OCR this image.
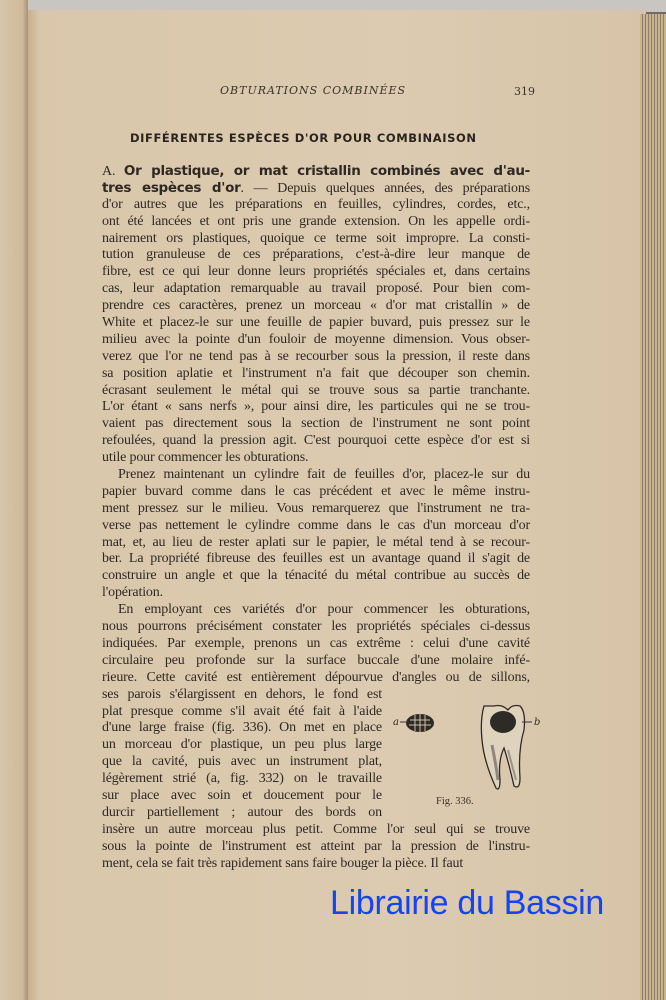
OBTURATIONS COMBINÉES	319
DIFFÉRENTES ESPÈCES D'OR POUR COMBINAISON
A. Or plastique, or mat cristallin combinés avec d'au-
tres espèces d'or. — Depuis quelques années, des préparations
d'or autres que les préparations en feuilles, cylindres, cordes, etc.,
ont été lancées et ont pris une grande extension. On les appelle ordi-
nairement ors plastiques, quoique ce terme soit impropre. La consti-
tution granuleuse de ces préparations, c'est-à-dire leur manque de
fibre, est ce qui leur donne leurs propriétés spéciales et, dans certains
cas, leur adaptation remarquable au travail proposé. Pour bien com-
prendre ces caractères, prenez un morceau « d'or mat cristallin » de
White et placez-le sur une feuille de papier buvard, puis pressez sur le
milieu avec la pointe d'un fouloir de moyenne dimension. Vous obser-
verez que l'or ne tend pas à se recourber sous la pression, il reste dans
sa position aplatie et l'instrument n'a fait que découper son chemin.
écrasant seulement le métal qui se trouve sous sa partie tranchante.
L'or étant « sans nerfs », pour ainsi dire, les particules qui ne se trou-
vaient pas directement sous la section de l'instrument ne sont point
refoulées, quand la pression agit. C'est pourquoi cette espèce d'or est si
utile pour commencer les obturations.
Prenez maintenant un cylindre fait de feuilles d'or, placez-le sur du
papier buvard comme dans le cas précédent et avec le même instru-
ment pressez sur le milieu. Vous remarquerez que l'instrument ne tra-
verse pas nettement le cylindre comme dans le cas d'un morceau d'or
mat, et, au lieu de rester aplati sur le papier, le métal tend à se recour-
ber. La propriété fibreuse des feuilles est un avantage quand il s'agit de
construire un angle et que la ténacité du métal contribue au succès de
l'opération.
En employant ces variétés d'or pour commencer les obturations,
nous pourrons précisément constater les propriétés spéciales ci-dessus
indiquées. Par exemple, prenons un cas extrême : celui d'une cavité
circulaire peu profonde sur la surface buccale d'une molaire infé-
rieure. Cette cavité est entièrement dépourvue d'angles ou de sillons,
ses parois s'élargissent en dehors, le fond est
plat presque comme s'il avait été fait à l'aide
d'une large fraise (fig. 336). On met en place
un morceau d'or plastique, un peu plus large
que la cavité, puis avec un instrument plat,
légèrement strié (a, fig. 332) on le travaille
sur place avec soin et doucement pour le
durcir partiellement ; autour des bords on
insère un autre morceau plus petit. Comme l'or seul qui se trouve
sous la pointe de l'instrument est atteint par la pression de l'instru-
ment, cela se fait très rapidement sans faire bouger la pièce. Il faut
a	b
Fig. 336.
Librairie du Bassin
